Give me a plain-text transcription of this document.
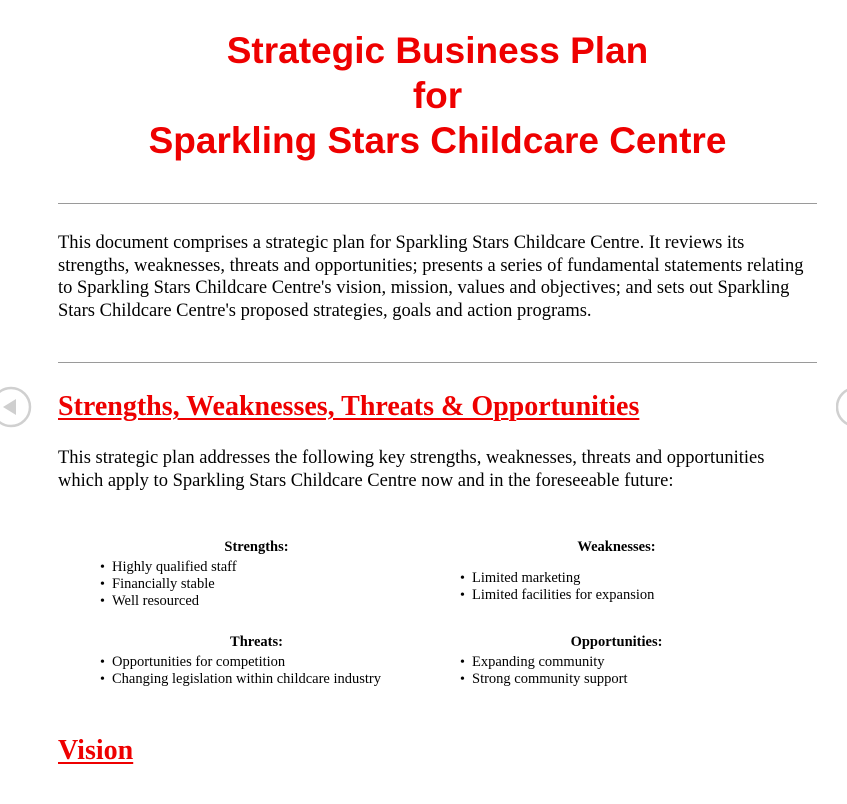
Strategic Business Plan
for
Sparkling Stars Childcare Centre

This document comprises a strategic plan for Sparkling Stars Childcare Centre. It reviews its strengths, weaknesses, threats and opportunities; presents a series of fundamental statements relating to Sparkling Stars Childcare Centre's vision, mission, values and objectives; and sets out Sparkling Stars Childcare Centre's proposed strategies, goals and action programs.

Strengths, Weaknesses, Threats & Opportunities

This strategic plan addresses the following key strengths, weaknesses, threats and opportunities which apply to Sparkling Stars Childcare Centre now and in the foreseeable future:

Strengths:
• Highly qualified staff
• Financially stable
• Well resourced
Weaknesses:
• Limited marketing
• Limited facilities for expansion
Threats:
• Opportunities for competition
• Changing legislation within childcare industry
Opportunities:
• Expanding community
• Strong community support
Vision
